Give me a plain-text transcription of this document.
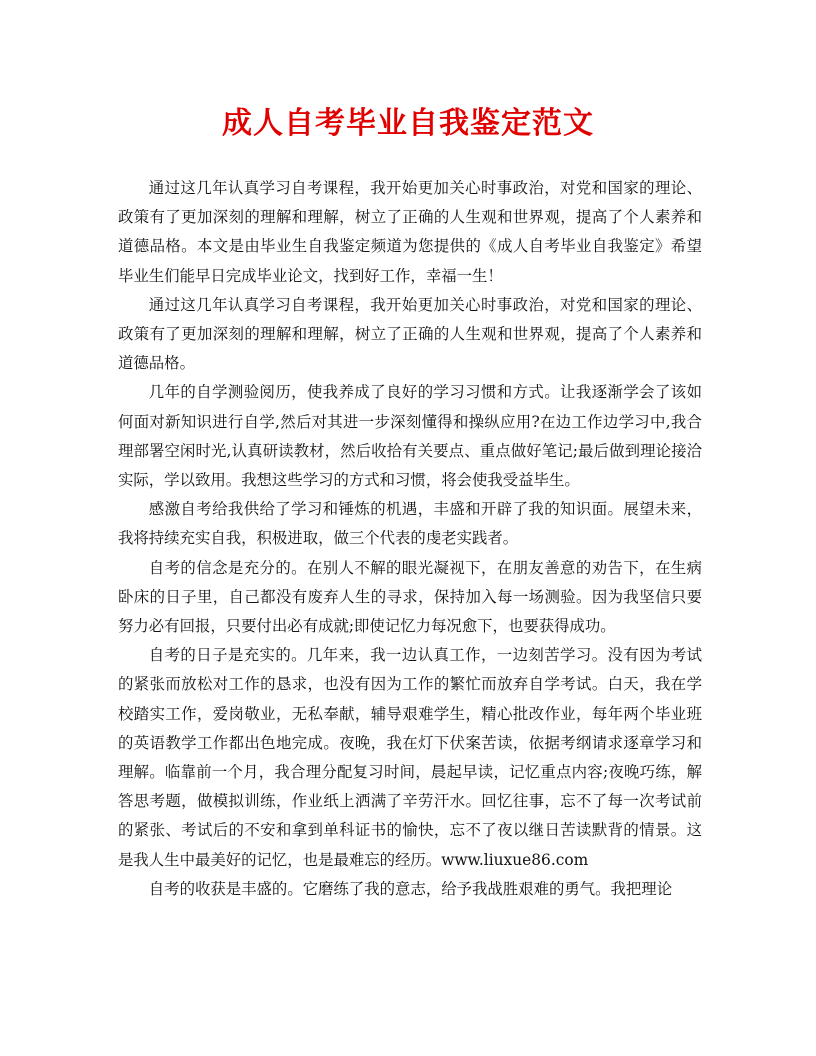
成人自考毕业自我鉴定范文

通过这几年认真学习自考课程，我开始更加关心时事政治，对党和国家的理论、政策有了更加深刻的理解和理解，树立了正确的人生观和世界观，提高了个人素养和道德品格。本文是由毕业生自我鉴定频道为您提供的《成人自考毕业自我鉴定》希望毕业生们能早日完成毕业论文，找到好工作，幸福一生！

通过这几年认真学习自考课程，我开始更加关心时事政治，对党和国家的理论、政策有了更加深刻的理解和理解，树立了正确的人生观和世界观，提高了个人素养和道德品格。

几年的自学测验阅历，使我养成了良好的学习习惯和方式。让我逐渐学会了该如何面对新知识进行自学,然后对其进一步深刻懂得和操纵应用?在边工作边学习中,我合理部署空闲时光,认真研读教材，然后收拾有关要点、重点做好笔记;最后做到理论接洽实际，学以致用。我想这些学习的方式和习惯，将会使我受益毕生。

感激自考给我供给了学习和锤炼的机遇，丰盛和开辟了我的知识面。展望未来，我将持续充实自我，积极进取，做三个代表的虔老实践者。

自考的信念是充分的。在别人不解的眼光凝视下，在朋友善意的劝告下，在生病卧床的日子里，自己都没有废弃人生的寻求，保持加入每一场测验。因为我坚信只要努力必有回报，只要付出必有成就;即使记忆力每况愈下，也要获得成功。

自考的日子是充实的。几年来，我一边认真工作，一边刻苦学习。没有因为考试的紧张而放松对工作的恳求，也没有因为工作的繁忙而放弃自学考试。白天，我在学校踏实工作，爱岗敬业，无私奉献，辅导艰难学生，精心批改作业，每年两个毕业班的英语教学工作都出色地完成。夜晚，我在灯下伏案苦读，依据考纲请求逐章学习和理解。临靠前一个月，我合理分配复习时间，晨起早读，记忆重点内容;夜晚巧练，解答思考题，做模拟训练，作业纸上洒满了辛劳汗水。回忆往事，忘不了每一次考试前的紧张、考试后的不安和拿到单科证书的愉快，忘不了夜以继日苦读默背的情景。这是我人生中最美好的记忆，也是最难忘的经历。www.liuxue86.com

自考的收获是丰盛的。它磨练了我的意志，给予我战胜艰难的勇气。我把理论
